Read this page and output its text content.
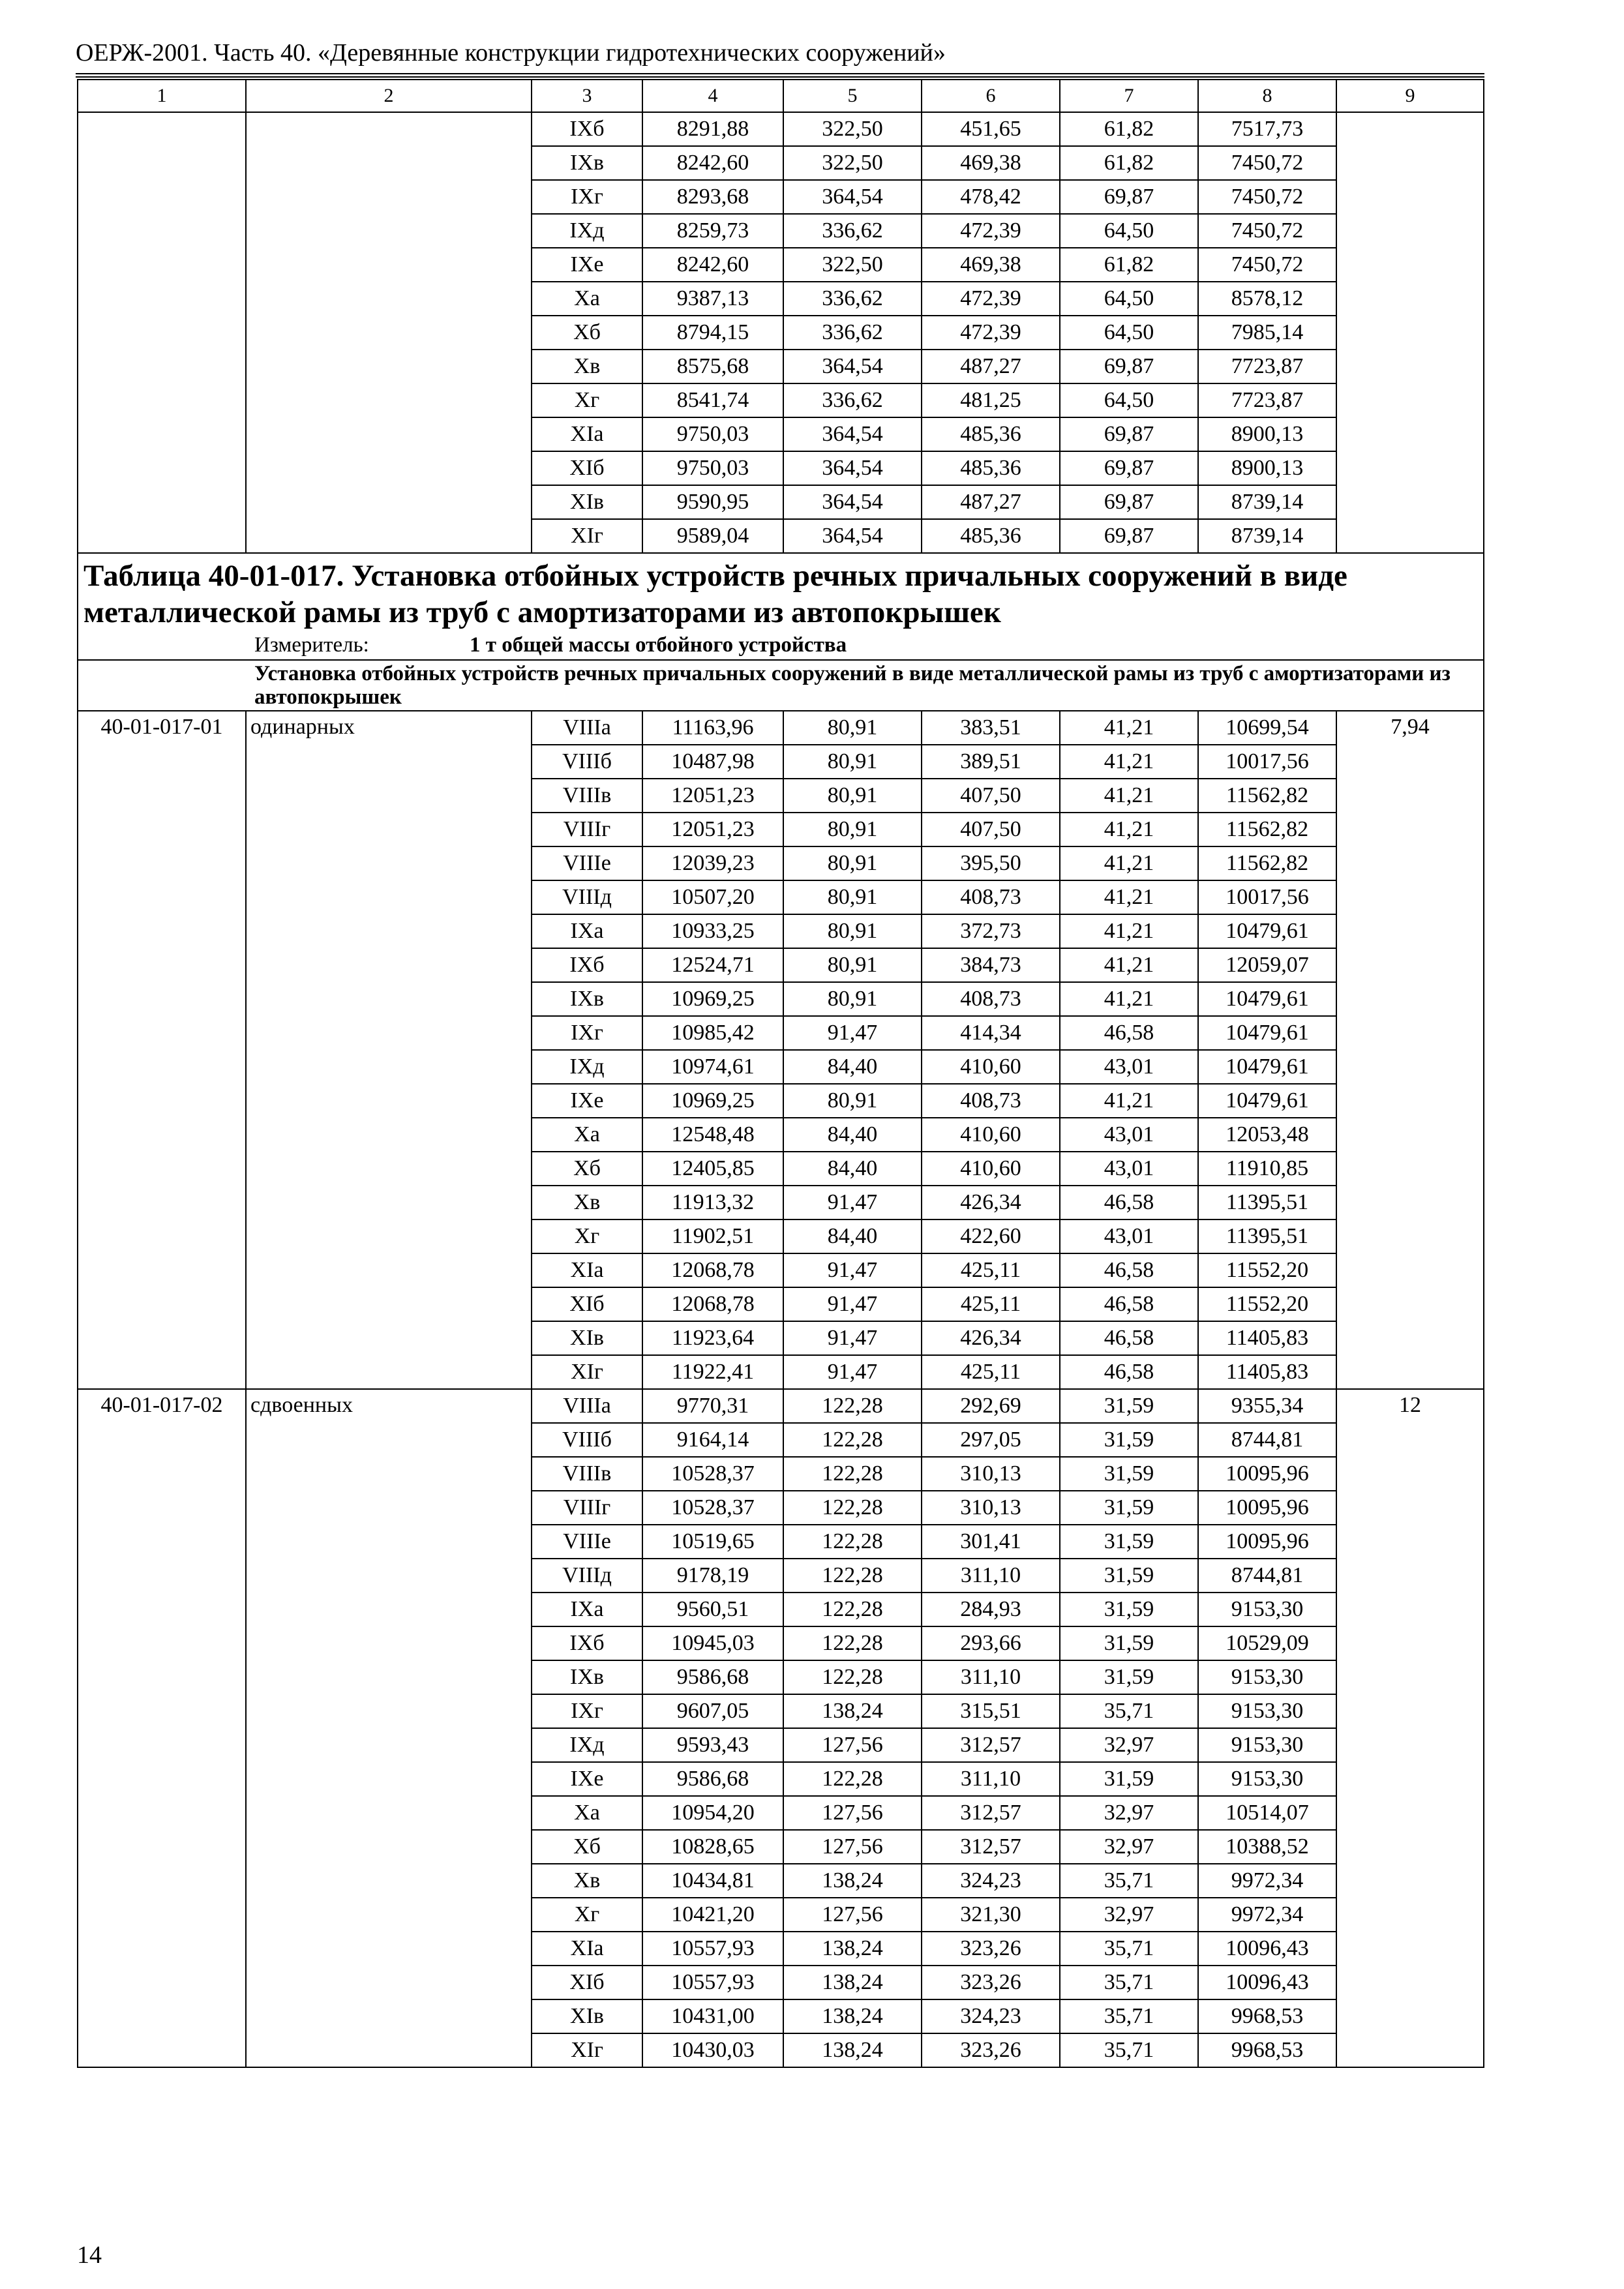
ОЕРЖ-2001. Часть 40. «Деревянные конструкции гидротехнических сооружений»
1	2	3	4	5	6	7	8	9
		IXб	8291,88	322,50	451,65	61,82	7517,73	
		IXв	8242,60	322,50	469,38	61,82	7450,72	
		IXг	8293,68	364,54	478,42	69,87	7450,72	
		IXд	8259,73	336,62	472,39	64,50	7450,72	
		IXе	8242,60	322,50	469,38	61,82	7450,72	
		Xа	9387,13	336,62	472,39	64,50	8578,12	
		Xб	8794,15	336,62	472,39	64,50	7985,14	
		Xв	8575,68	364,54	487,27	69,87	7723,87	
		Xг	8541,74	336,62	481,25	64,50	7723,87	
		XIа	9750,03	364,54	485,36	69,87	8900,13	
		XIб	9750,03	364,54	485,36	69,87	8900,13	
		XIв	9590,95	364,54	487,27	69,87	8739,14	
		XIг	9589,04	364,54	485,36	69,87	8739,14	

Таблица 40-01-017. Установка отбойных устройств речных причальных сооружений в виде металлической рамы из труб с амортизаторами из автопокрышек
Измеритель: 1 т общей массы отбойного устройства								

Установка отбойных устройств речных причальных сооружений в виде металлической рамы из труб с амортизаторами из автопокрышек								
40-01-017-01	одинарных	VIIIа	11163,96	80,91	383,51	41,21	10699,54	7,94
		VIIIб	10487,98	80,91	389,51	41,21	10017,56	
		VIIIв	12051,23	80,91	407,50	41,21	11562,82	
		VIIIг	12051,23	80,91	407,50	41,21	11562,82	
		VIIIе	12039,23	80,91	395,50	41,21	11562,82	
		VIIIд	10507,20	80,91	408,73	41,21	10017,56	
		IXа	10933,25	80,91	372,73	41,21	10479,61	
		IXб	12524,71	80,91	384,73	41,21	12059,07	
		IXв	10969,25	80,91	408,73	41,21	10479,61	
		IXг	10985,42	91,47	414,34	46,58	10479,61	
		IXд	10974,61	84,40	410,60	43,01	10479,61	
		IXе	10969,25	80,91	408,73	41,21	10479,61	
		Xа	12548,48	84,40	410,60	43,01	12053,48	
		Xб	12405,85	84,40	410,60	43,01	11910,85	
		Xв	11913,32	91,47	426,34	46,58	11395,51	
		Xг	11902,51	84,40	422,60	43,01	11395,51	
		XIа	12068,78	91,47	425,11	46,58	11552,20	
		XIб	12068,78	91,47	425,11	46,58	11552,20	
		XIв	11923,64	91,47	426,34	46,58	11405,83	
		XIг	11922,41	91,47	425,11	46,58	11405,83	
40-01-017-02	сдвоенных	VIIIа	9770,31	122,28	292,69	31,59	9355,34	12
		VIIIб	9164,14	122,28	297,05	31,59	8744,81	
		VIIIв	10528,37	122,28	310,13	31,59	10095,96	
		VIIIг	10528,37	122,28	310,13	31,59	10095,96	
		VIIIе	10519,65	122,28	301,41	31,59	10095,96	
		VIIIд	9178,19	122,28	311,10	31,59	8744,81	
		IXа	9560,51	122,28	284,93	31,59	9153,30	
		IXб	10945,03	122,28	293,66	31,59	10529,09	
		IXв	9586,68	122,28	311,10	31,59	9153,30	
		IXг	9607,05	138,24	315,51	35,71	9153,30	
		IXд	9593,43	127,56	312,57	32,97	9153,30	
		IXе	9586,68	122,28	311,10	31,59	9153,30	
		Xа	10954,20	127,56	312,57	32,97	10514,07	
		Xб	10828,65	127,56	312,57	32,97	10388,52	
		Xв	10434,81	138,24	324,23	35,71	9972,34	
		Xг	10421,20	127,56	321,30	32,97	9972,34	
		XIа	10557,93	138,24	323,26	35,71	10096,43	
		XIб	10557,93	138,24	323,26	35,71	10096,43	
		XIв	10431,00	138,24	324,23	35,71	9968,53	
		XIг	10430,03	138,24	323,26	35,71	9968,53	
14
